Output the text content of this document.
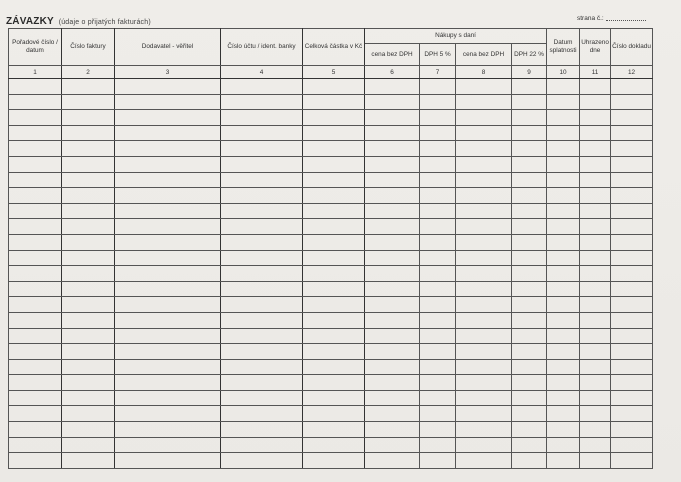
ZÁVAZKY (údaje o přijatých fakturách)
strana č.:
Pořadové číslo / datum	Číslo faktury	Dodavatel - věřitel	Číslo účtu / ident. banky	Celková částka v Kč	Nákupy s daní				Datum splatnosti	Uhrazeno dne	Číslo dokladu
					cena bez DPH	DPH 5 %	cena bez DPH	DPH 22 %			
1	2	3	4	5	6	7	8	9	10	11	12
